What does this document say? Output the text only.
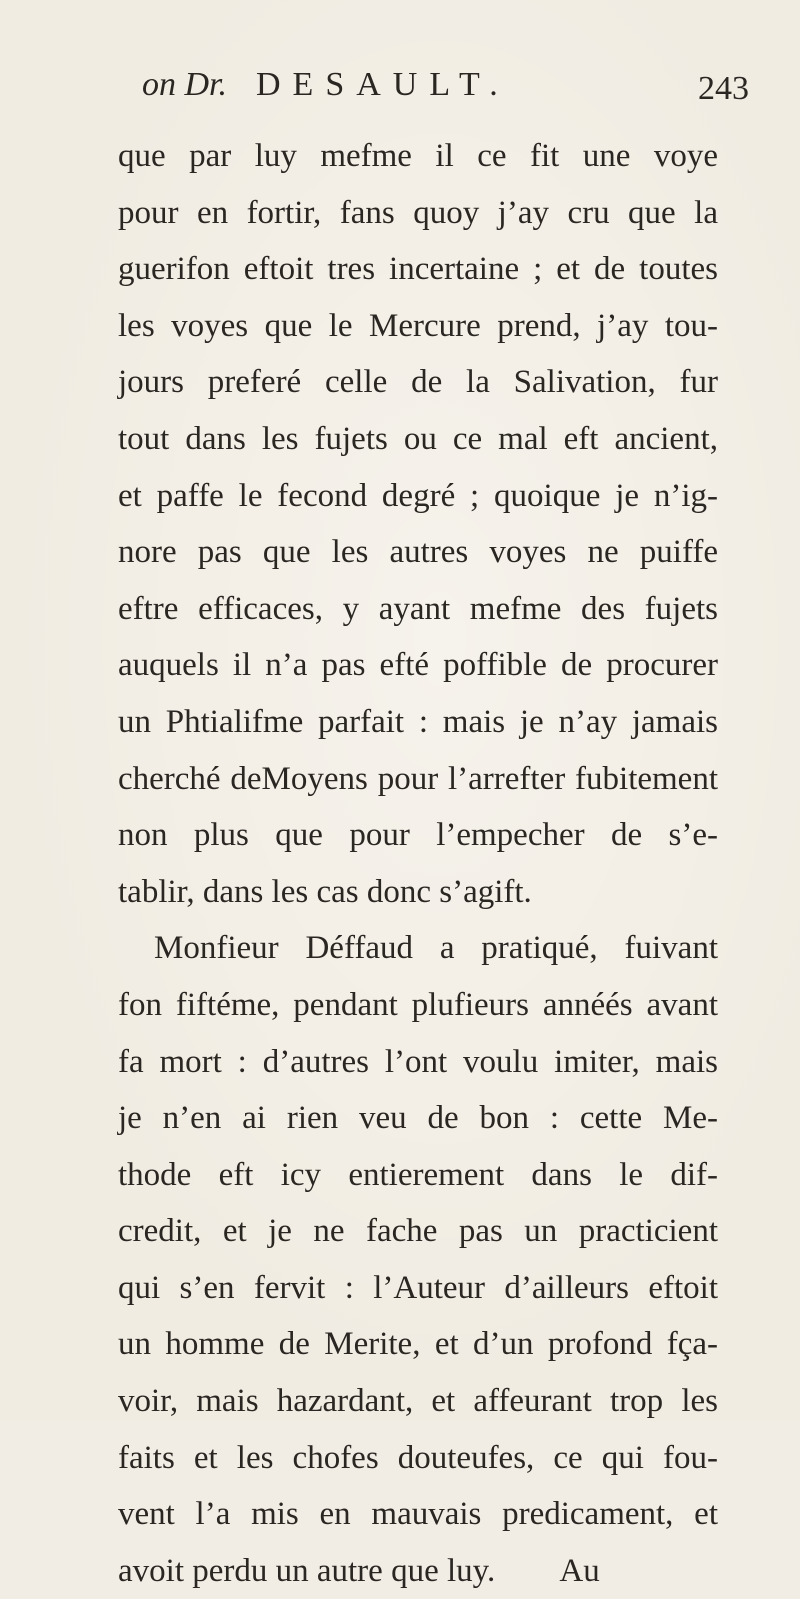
on Dr. DESAULT.	243
que par luy mefme il ce fit une voye
pour en fortir, fans quoy j’ay cru que la
guerifon eftoit tres incertaine ; et de toutes
les voyes que le Mercure prend, j’ay tou-
jours preferé celle de la Salivation, fur
tout dans les fujets ou ce mal eft ancient,
et paffe le fecond degré ; quoique je n’ig-
nore pas que les autres voyes ne puiffe
eftre efficaces, y ayant mefme des fujets
auquels il n’a pas efté poffible de procurer
un Phtialifme parfait : mais je n’ay jamais
cherché deMoyens pour l’arrefter fubitement
non plus que pour l’empecher de s’e-
tablir, dans les cas donc s’agift.
Monfieur Déffaud a pratiqué, fuivant
fon fiftéme, pendant plufieurs annéés avant
fa mort : d’autres l’ont voulu imiter, mais
je n’en ai rien veu de bon : cette Me-
thode eft icy entierement dans le dif-
credit, et je ne fache pas un practicient
qui s’en fervit : l’Auteur d’ailleurs eftoit
un homme de Merite, et d’un profond fça-
voir, mais hazardant, et affeurant trop les
faits et les chofes douteufes, ce qui fou-
vent l’a mis en mauvais predicament, et
avoit perdu un autre que luy.        Au
